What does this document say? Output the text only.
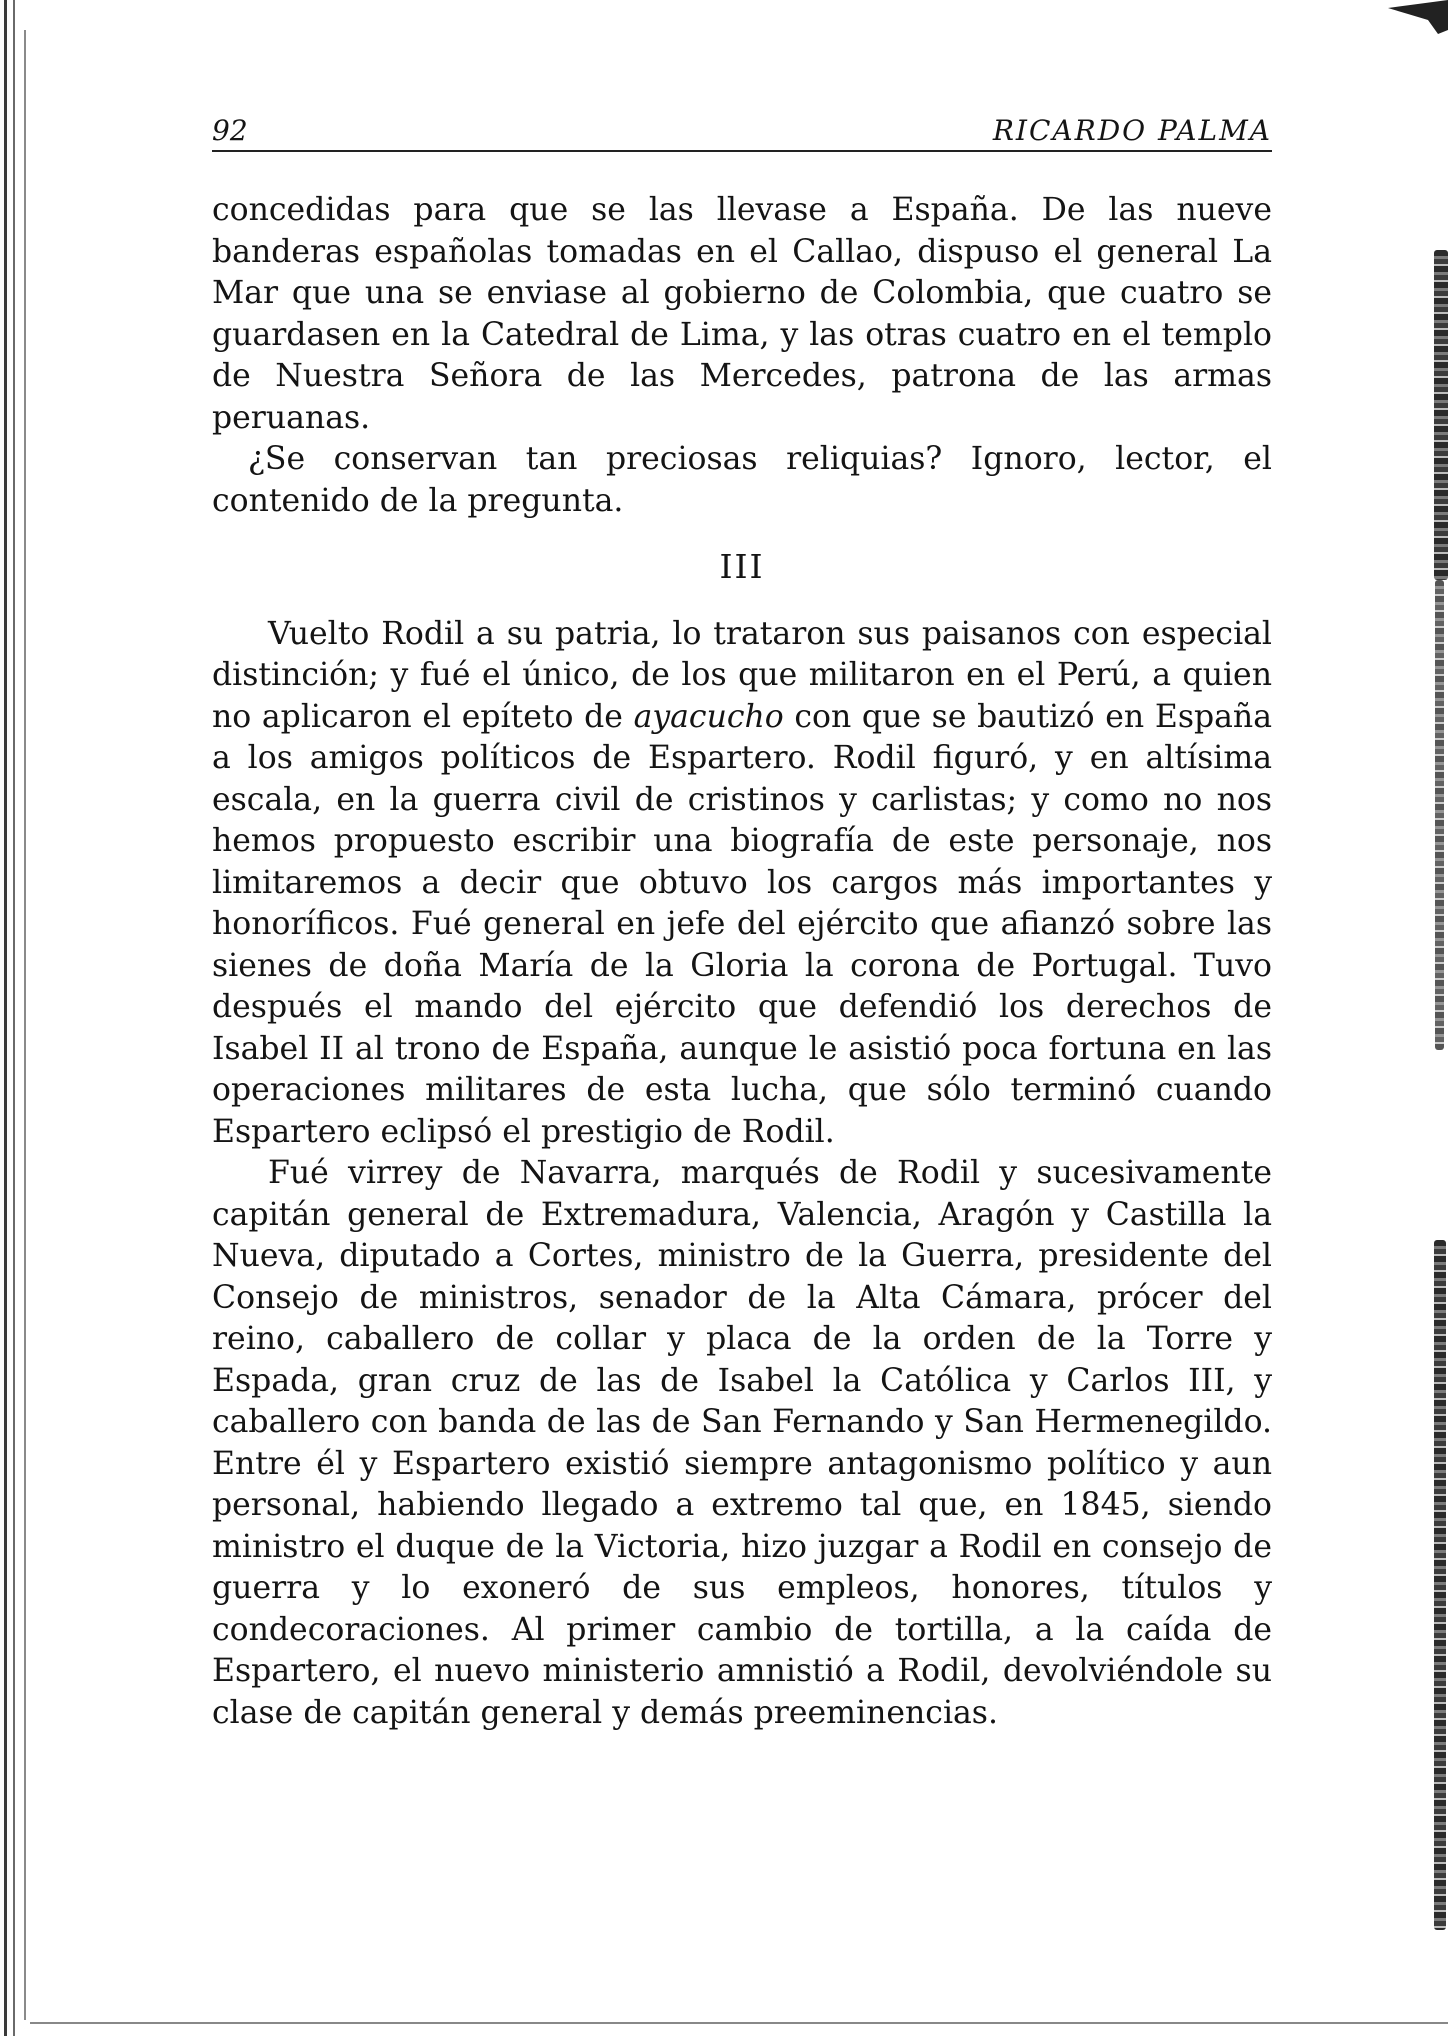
92	RICARDO PALMA

concedidas para que se las llevase a España. De las nueve banderas españolas tomadas en el Callao, dispuso el general La Mar que una se enviase al gobierno de Colombia, que cuatro se guardasen en la Catedral de Lima, y las otras cuatro en el templo de Nuestra Señora de las Mercedes, patrona de las armas peruanas.

¿Se conservan tan preciosas reliquias? Ignoro, lector, el contenido de la pregunta.

III

Vuelto Rodil a su patria, lo trataron sus paisanos con especial distinción; y fué el único, de los que militaron en el Perú, a quien no aplicaron el epíteto de ayacucho con que se bautizó en España a los amigos políticos de Espartero. Rodil figuró, y en altísima escala, en la guerra civil de cristinos y carlistas; y como no nos hemos propuesto escribir una biografía de este personaje, nos limitaremos a decir que obtuvo los cargos más importantes y honoríficos. Fué general en jefe del ejército que afianzó sobre las sienes de doña María de la Gloria la corona de Portugal. Tuvo después el mando del ejército que defendió los derechos de Isabel II al trono de España, aunque le asistió poca fortuna en las operaciones militares de esta lucha, que sólo terminó cuando Espartero eclipsó el prestigio de Rodil.

Fué virrey de Navarra, marqués de Rodil y sucesivamente capitán general de Extremadura, Valencia, Aragón y Castilla la Nueva, diputado a Cortes, ministro de la Guerra, presidente del Consejo de ministros, senador de la Alta Cámara, prócer del reino, caballero de collar y placa de la orden de la Torre y Espada, gran cruz de las de Isabel la Católica y Carlos III, y caballero con banda de las de San Fernando y San Hermenegildo. Entre él y Espartero existió siempre antagonismo político y aun personal, habiendo llegado a extremo tal que, en 1845, siendo ministro el duque de la Victoria, hizo juzgar a Rodil en consejo de guerra y lo exoneró de sus empleos, honores, títulos y condecoraciones. Al primer cambio de tortilla, a la caída de Espartero, el nuevo ministerio amnistió a Rodil, devolviéndole su clase de capitán general y demás preeminencias.
